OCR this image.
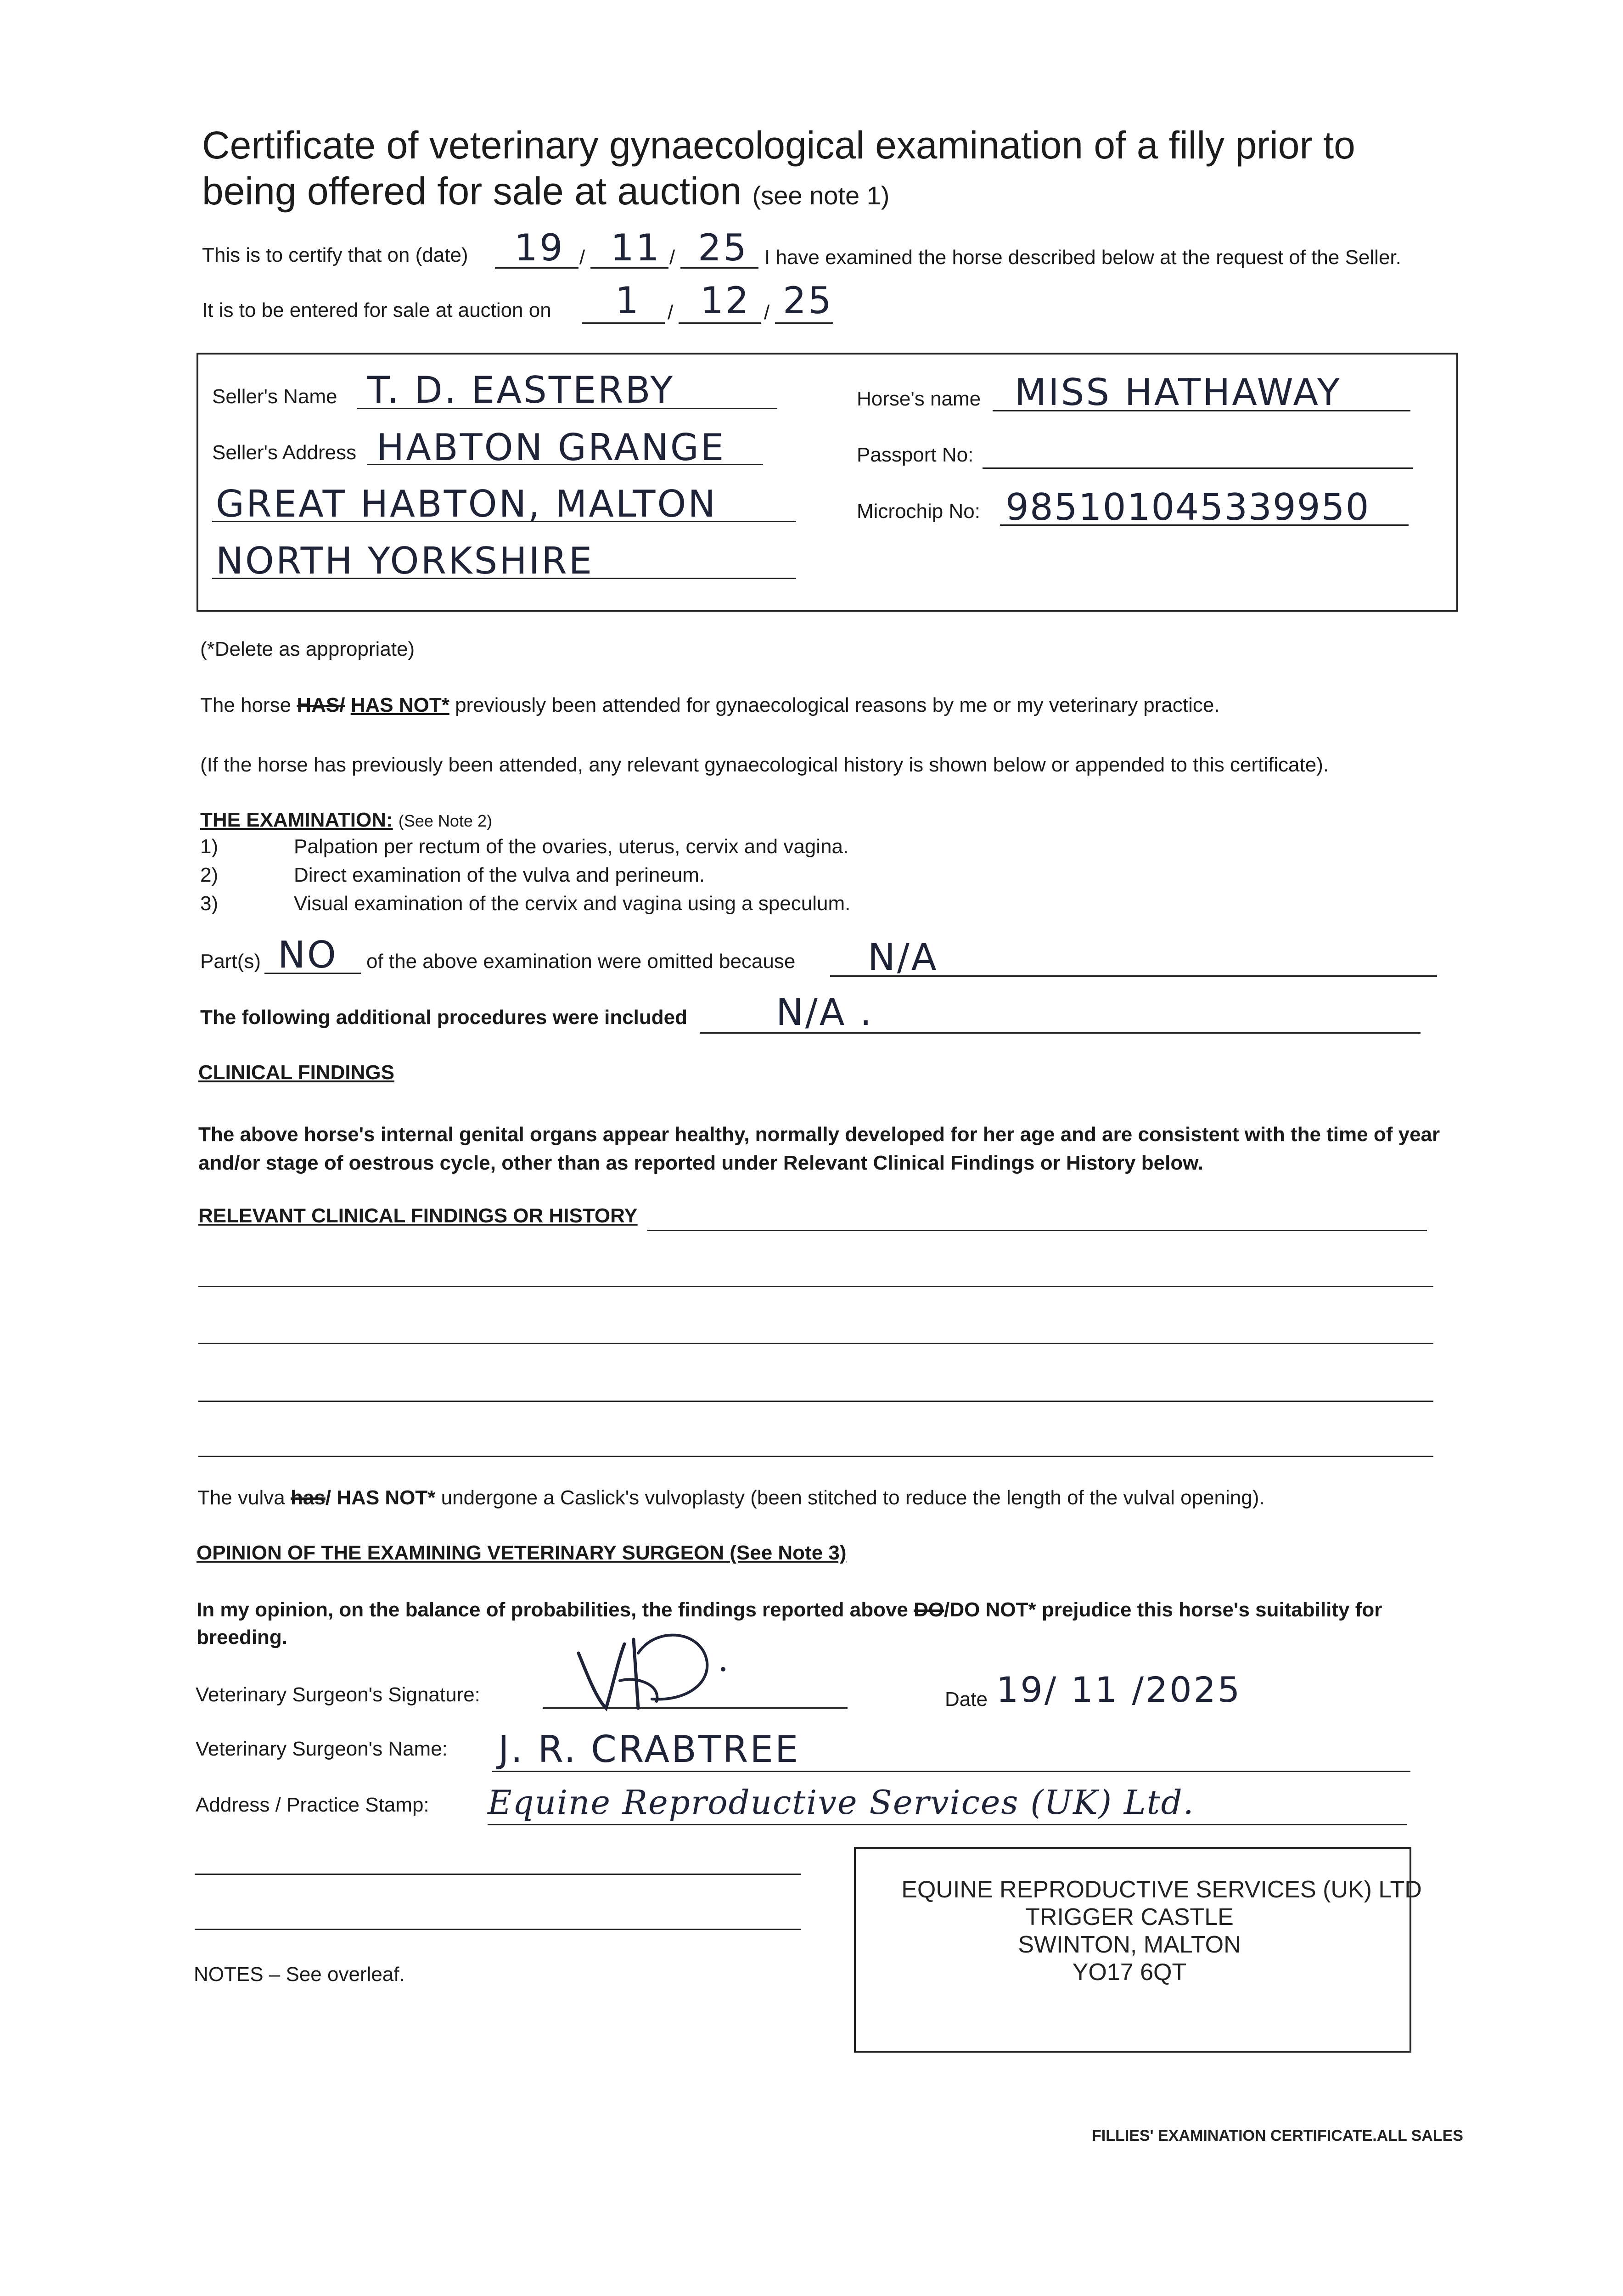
Certificate of veterinary gynaecological examination of a filly prior to
being offered for sale at auction (see note 1)
This is to certify that on (date)	/	/
19 11 25 I have examined the horse described below at the request of the Seller.
It is to be entered for sale at auction on	/	/
1 12 25
Seller's Name T. D. EASTERBY
Seller's Address HABTON GRANGE
GREAT HABTON, MALTON
NORTH YORKSHIRE
Horse's name MISS HATHAWAY
Passport No:
Microchip No: 985101045339950
(*Delete as appropriate)
The horse HAS/ HAS NOT* previously been attended for gynaecological reasons by me or my veterinary practice.
(If the horse has previously been attended, any relevant gynaecological history is shown below or appended to this certificate).
THE EXAMINATION: (See Note 2)
1)	Palpation per rectum of the ovaries, uterus, cervix and vagina.
2)	Direct examination of the vulva and perineum.
3)	Visual examination of the cervix and vagina using a speculum.
Part(s) NO of the above examination were omitted because N/A
The following additional procedures were included N/A .
CLINICAL FINDINGS
The above horse's internal genital organs appear healthy, normally developed for her age and are consistent with the time of year
and/or stage of oestrous cycle, other than as reported under Relevant Clinical Findings or History below.
RELEVANT CLINICAL FINDINGS OR HISTORY
The vulva has/ HAS NOT* undergone a Caslick's vulvoplasty (been stitched to reduce the length of the vulval opening).
OPINION OF THE EXAMINING VETERINARY SURGEON (See Note 3)
In my opinion, on the balance of probabilities, the findings reported above DO/DO NOT* prejudice this horse's suitability for
breeding.
Veterinary Surgeon's Signature:	Date 19/ 11 /2025
Veterinary Surgeon's Name: J. R. CRABTREE
Address / Practice Stamp: Equine Reproductive Services (UK) Ltd.
EQUINE REPRODUCTIVE SERVICES (UK) LTD
TRIGGER CASTLE
SWINTON, MALTON
YO17 6QT
NOTES – See overleaf.
FILLIES' EXAMINATION CERTIFICATE.ALL SALES
